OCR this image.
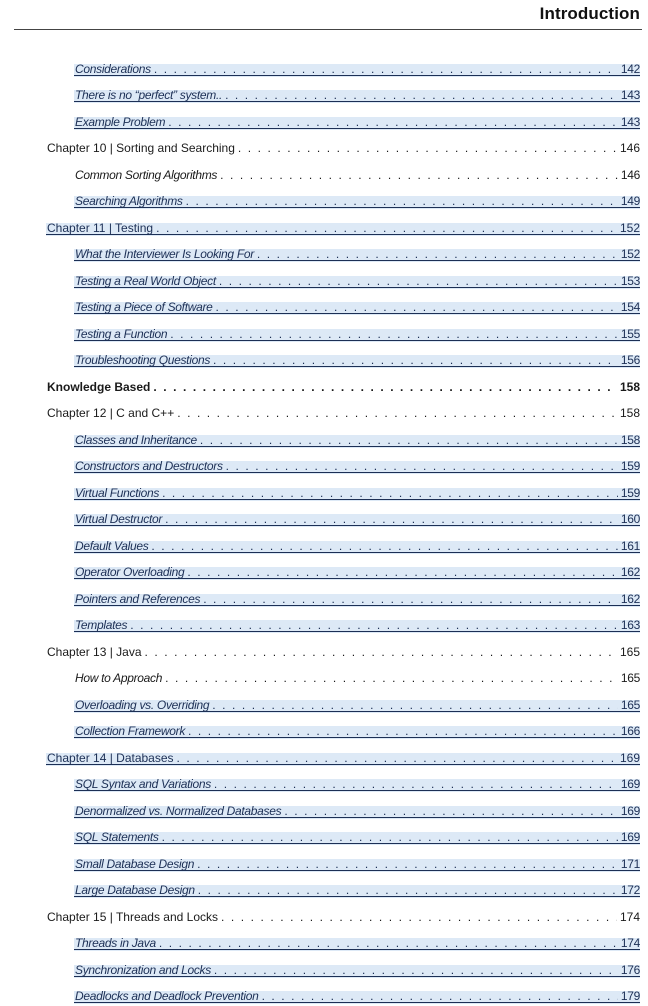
Introduction
Considerations . . .	142
There is no “perfect” system.. . . .	143
Example Problem . . .	143
Chapter 10 | Sorting and Searching . . .	146
Common Sorting Algorithms . . .	146
Searching Algorithms . . .	149
Chapter 11 | Testing . . .	152
What the Interviewer Is Looking For . . .	152
Testing a Real World Object . . .	153
Testing a Piece of Software . . .	154
Testing a Function . . .	155
Troubleshooting Questions . . .	156
Knowledge Based . . .	158
Chapter 12 | C and C++ . . .	158
Classes and Inheritance . . .	158
Constructors and Destructors . . .	159
Virtual Functions . . .	159
Virtual Destructor . . .	160
Default Values . . .	161
Operator Overloading . . .	162
Pointers and References . . .	162
Templates . . .	163
Chapter 13 | Java . . .	165
How to Approach . . .	165
Overloading vs. Overriding . . .	165
Collection Framework . . .	166
Chapter 14 | Databases . . .	169
SQL Syntax and Variations . . .	169
Denormalized vs. Normalized Databases . . .	169
SQL Statements . . .	169
Small Database Design . . .	171
Large Database Design . . .	172
Chapter 15 | Threads and Locks . . .	174
Threads in Java . . .	174
Synchronization and Locks . . .	176
Deadlocks and Deadlock Prevention . . .	179
